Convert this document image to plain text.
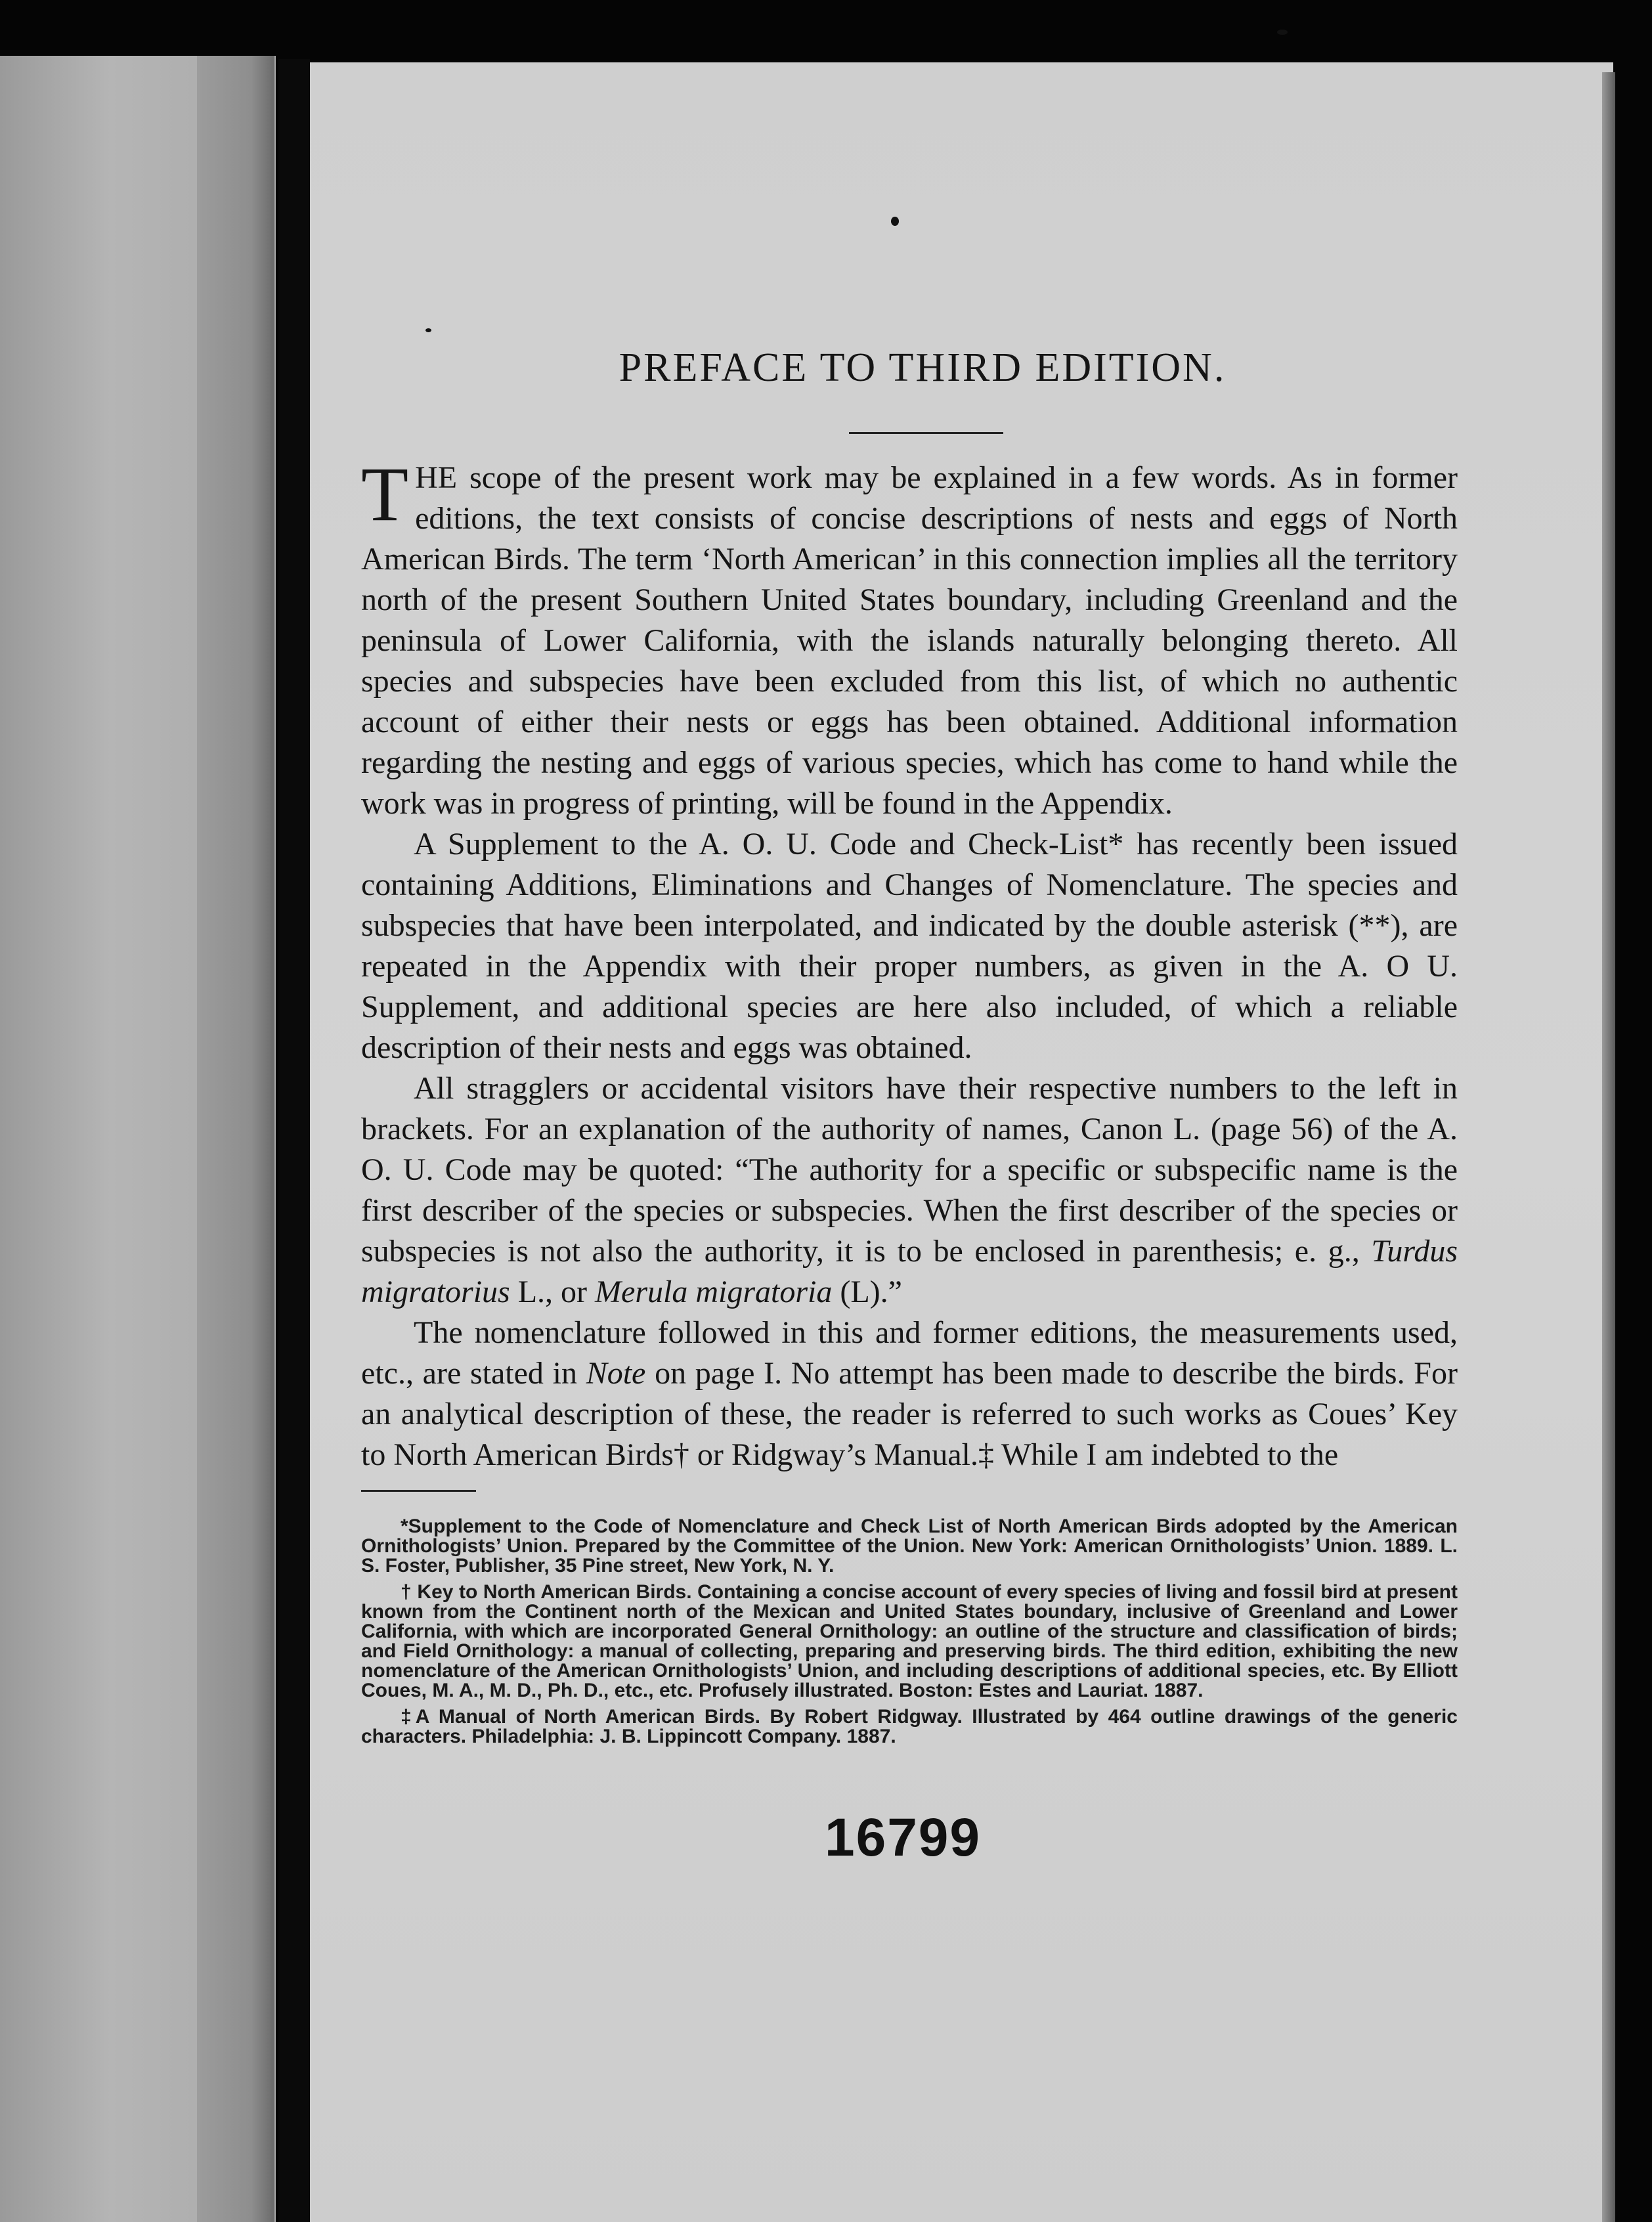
PREFACE TO THIRD EDITION.

THE scope of the present work may be explained in a few words. As in former editions, the text consists of concise descriptions of nests and eggs of North American Birds. The term ‘North American’ in this connection implies all the territory north of the present Southern United States boundary, including Greenland and the peninsula of Lower California, with the islands naturally belonging thereto. All species and subspecies have been excluded from this list, of which no authentic account of either their nests or eggs has been obtained. Additional information regarding the nesting and eggs of various species, which has come to hand while the work was in progress of printing, will be found in the Appendix.

A Supplement to the A. O. U. Code and Check-List* has recently been issued containing Additions, Eliminations and Changes of Nomenclature. The species and subspecies that have been interpolated, and indicated by the double asterisk (**), are repeated in the Appendix with their proper numbers, as given in the A. O U. Supplement, and additional species are here also included, of which a reliable description of their nests and eggs was obtained.

All stragglers or accidental visitors have their respective numbers to the left in brackets. For an explanation of the authority of names, Canon L. (page 56) of the A. O. U. Code may be quoted: “The authority for a specific or subspecific name is the first describer of the species or subspecies. When the first describer of the species or subspecies is not also the authority, it is to be enclosed in parenthesis; e. g., Turdus migratorius L., or Merula migratoria (L).”

The nomenclature followed in this and former editions, the measurements used, etc., are stated in Note on page I. No attempt has been made to describe the birds. For an analytical description of these, the reader is referred to such works as Coues’ Key to North American Birds† or Ridgway’s Manual.‡ While I am indebted to the

*Supplement to the Code of Nomenclature and Check List of North American Birds adopted by the American Ornithologists’ Union. Prepared by the Committee of the Union. New York: American Ornithologists’ Union. 1889. L. S. Foster, Publisher, 35 Pine street, New York, N. Y.

† Key to North American Birds. Containing a concise account of every species of living and fossil bird at present known from the Continent north of the Mexican and United States boundary, inclusive of Greenland and Lower California, with which are incorporated General Ornithology: an outline of the structure and classification of birds; and Field Ornithology: a manual of collecting, preparing and preserving birds. The third edition, exhibiting the new nomenclature of the American Ornithologists’ Union, and including descriptions of additional species, etc. By Elliott Coues, M. A., M. D., Ph. D., etc., etc. Profusely illustrated. Boston: Estes and Lauriat. 1887.

‡A Manual of North American Birds. By Robert Ridgway. Illustrated by 464 outline drawings of the generic characters. Philadelphia: J. B. Lippincott Company. 1887.

16799
